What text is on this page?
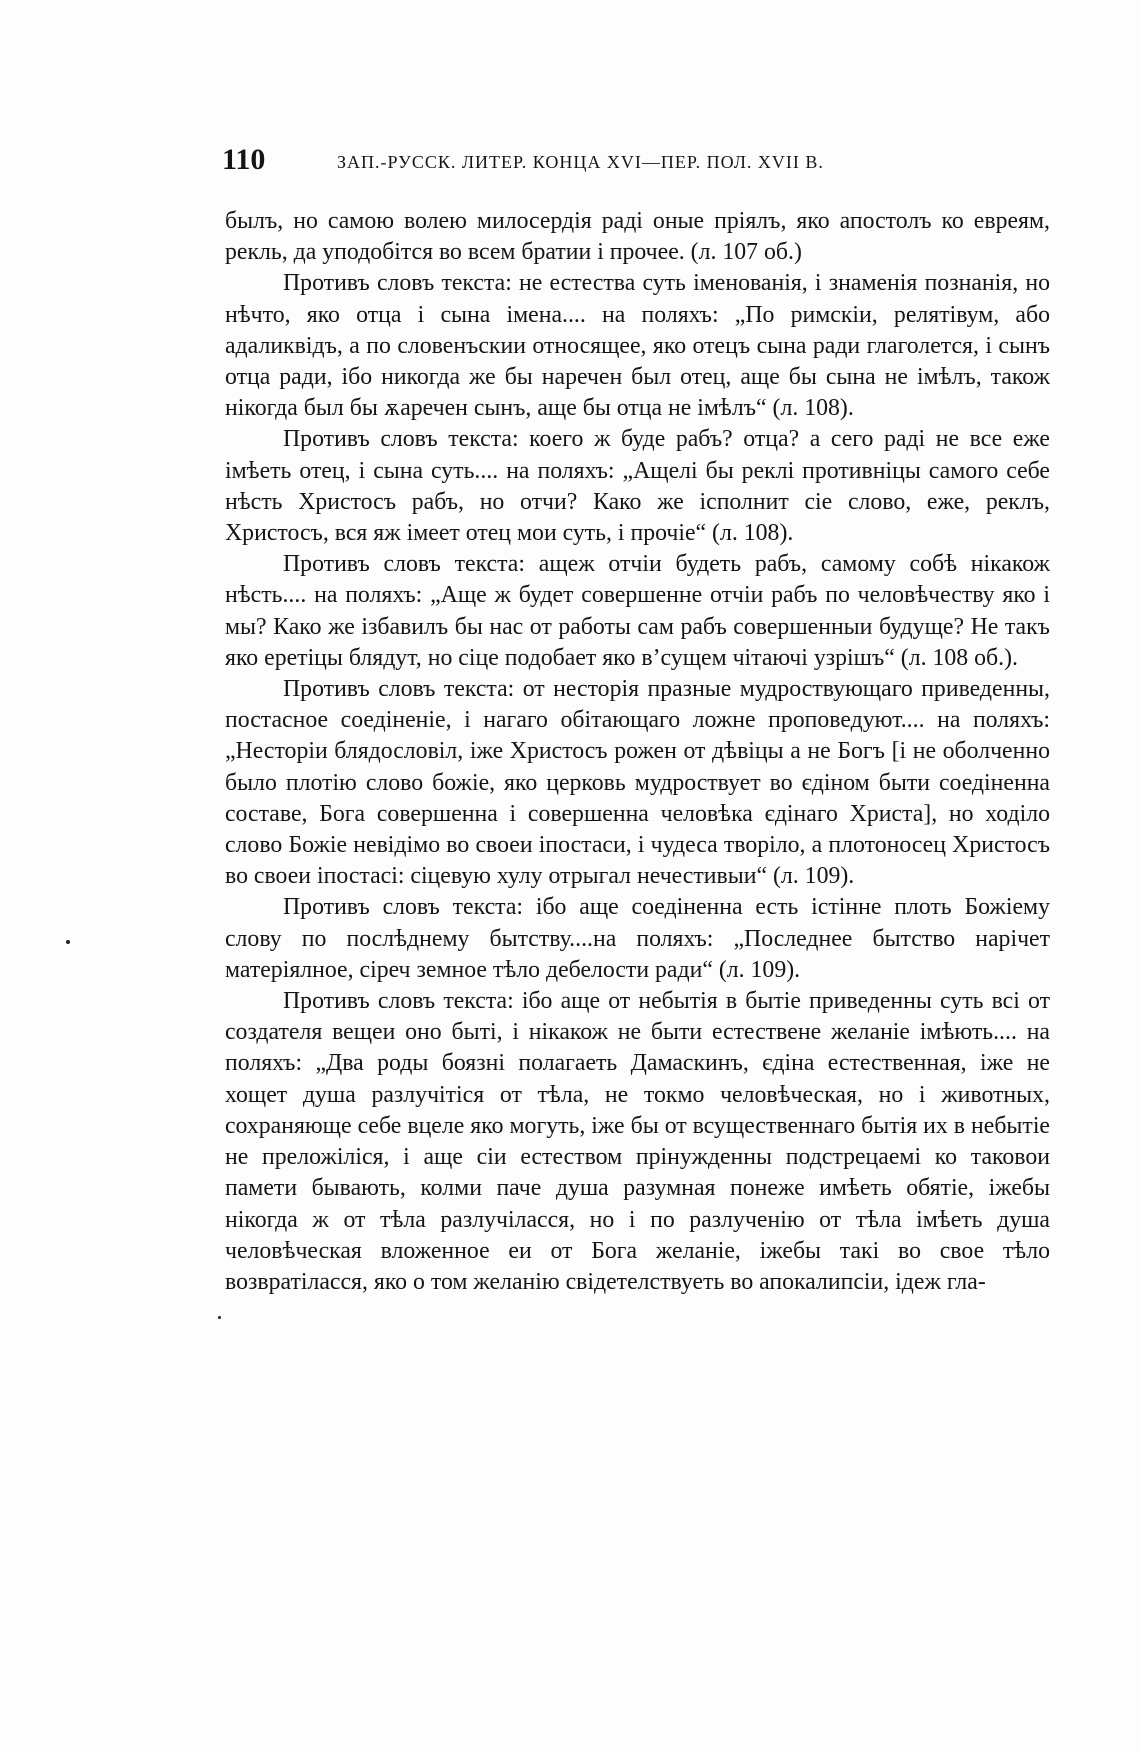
110	ЗАП.-РУССК. ЛИТЕР. КОНЦА XVI—ПЕР. ПОЛ. XVII В.

былъ, но самою волею милосердія раді оные пріялъ, яко апостолъ ко евреям, рекль, да уподобітся во всем братии і прочее. (л. 107 об.)

Противъ словъ текста: не естества суть іменованія, і знаменія познанія, но нѣчто, яко отца і сына імена.... на поляхъ: „По римскіи, релятівум, або адаликвідъ, а по словенъскии относящее, яко отецъ сына ради глаголется, і сынъ отца ради, ібо никогда же бы наречен был отец, аще бы сына не імѣлъ, також нікогда был бы ѫаречен сынъ, аще бы отца не імѣлъ“ (л. 108).

Противъ словъ текста: коего ж буде рабъ? отца? а сего раді не все еже імѣеть отец, і сына суть.... на поляхъ: „Ащелі бы реклі противніцы самого себе нѣсть Христосъ рабъ, но отчи? Како же ісполнит сіе слово, еже, реклъ, Христосъ, вся яж імеет отец мои суть, і прочіе“ (л. 108).

Противъ словъ текста: ащеж отчіи будеть рабъ, самому собѣ нікакож нѣсть.... на поляхъ: „Аще ж будет совершенне отчіи рабъ по человѣчеству яко і мы? Како же ізбавилъ бы нас от работы сам рабъ совершенныи будуще? Не такъ яко еретіцы блядут, но сіце подобает яко в’сущем чітаючі узрішъ“ (л. 108 об.).

Противъ словъ текста: от несторія празные мудроствующаго приведенны, постасное соедіненіе, і нагаго обітающаго ложне проповедуют.... на поляхъ: „Несторіи блядословіл, іже Христосъ рожен от дѣвіцы а не Богъ [і не оболченно было плотію слово божіе, яко церковь мудроствует во єдіном быти соедіненна составе, Бога совершенна і совершенна человѣка єдінаго Христа], но ходіло слово Божіе невідімо во своеи іпостаси, і чудеса творіло, а плотоносец Христосъ во своеи іпостасі: сіцевую хулу отрыгал нечестивыи“ (л. 109).

Противъ словъ текста: ібо аще соедіненна есть істінне плоть Божіему слову по послѣднему бытству....на поляхъ: „Последнее бытство нарічет матерiялное, сіреч земное тѣло дебелости ради“ (л. 109).

Противъ словъ текста: ібо аще от небытія в бытіе приведенны суть всі от создателя вещеи оно быті, і нікакож не быти естествене желаніе імѣють.... на поляхъ: „Два роды боязні полагаеть Дамаскинъ, єдіна естественная, іже не хощет душа разлучітіся от тѣла, не токмо человѣческая, но і животных, сохраняюще себе вцеле яко могуть, іже бы от всущественнаго бытія их в небытіе не преложіліся, і аще сіи естеством прінужденны подстрецаемі ко таковои памети бывають, колми паче душа разумная понеже имѣеть обятіе, іжебы нікогда ж от тѣла разлучіласся, но і по разлученію от тѣла імѣеть душа человѣческая вложенное еи от Бога желаніе, іжебы такі во свое тѣло возвратіласся, яко о том желанію свідетелствуеть во апокалипсіи, ідеж гла-
